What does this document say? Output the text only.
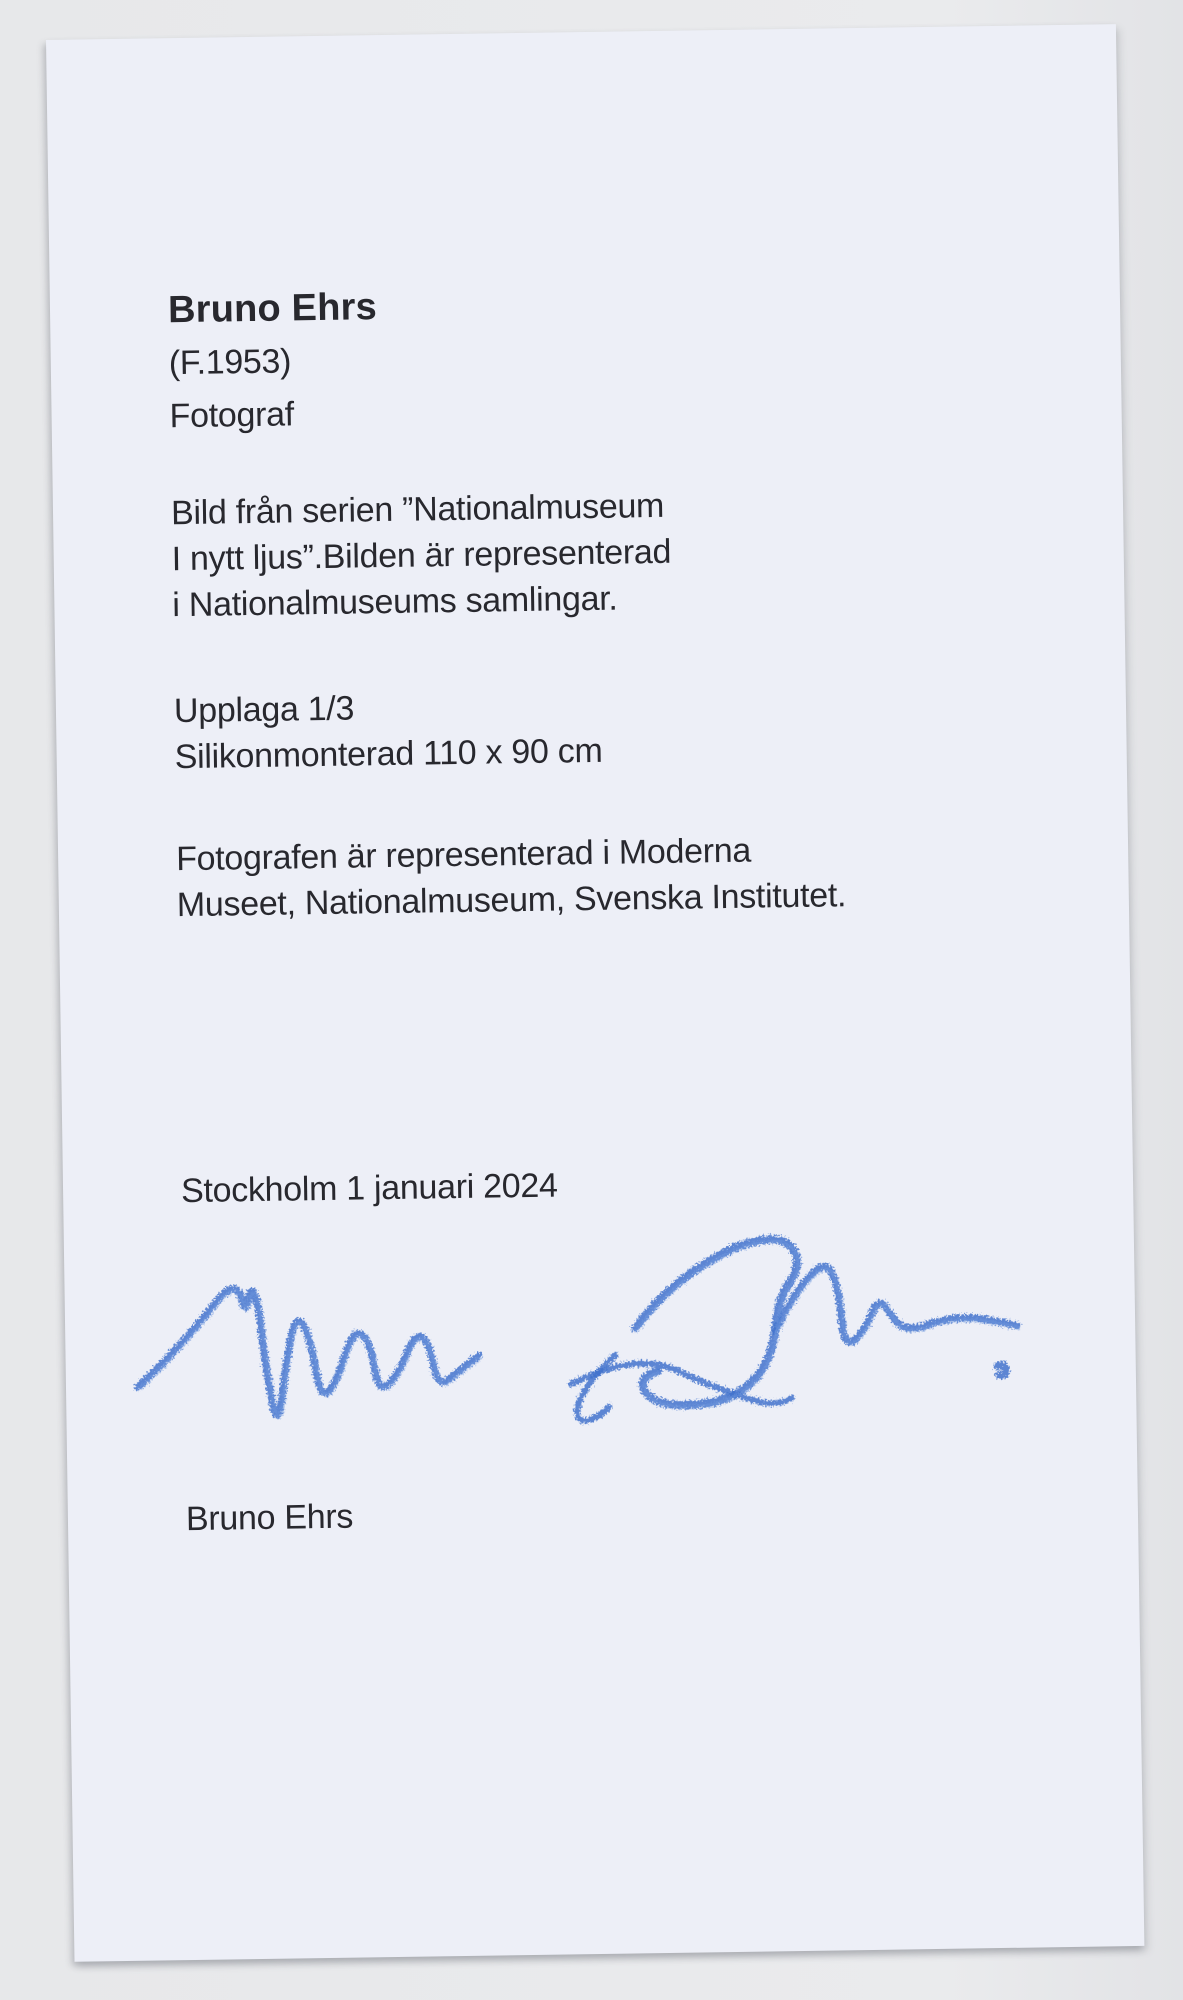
Bruno Ehrs
(F.1953)
Fotograf
Bild från serien ”Nationalmuseum
I nytt ljus”.Bilden är representerad
i Nationalmuseums samlingar.
Upplaga 1/3
Silikonmonterad 110 x 90 cm
Fotografen är representerad i Moderna
Museet, Nationalmuseum, Svenska Institutet.
Stockholm 1 januari 2024
Bruno Ehrs
